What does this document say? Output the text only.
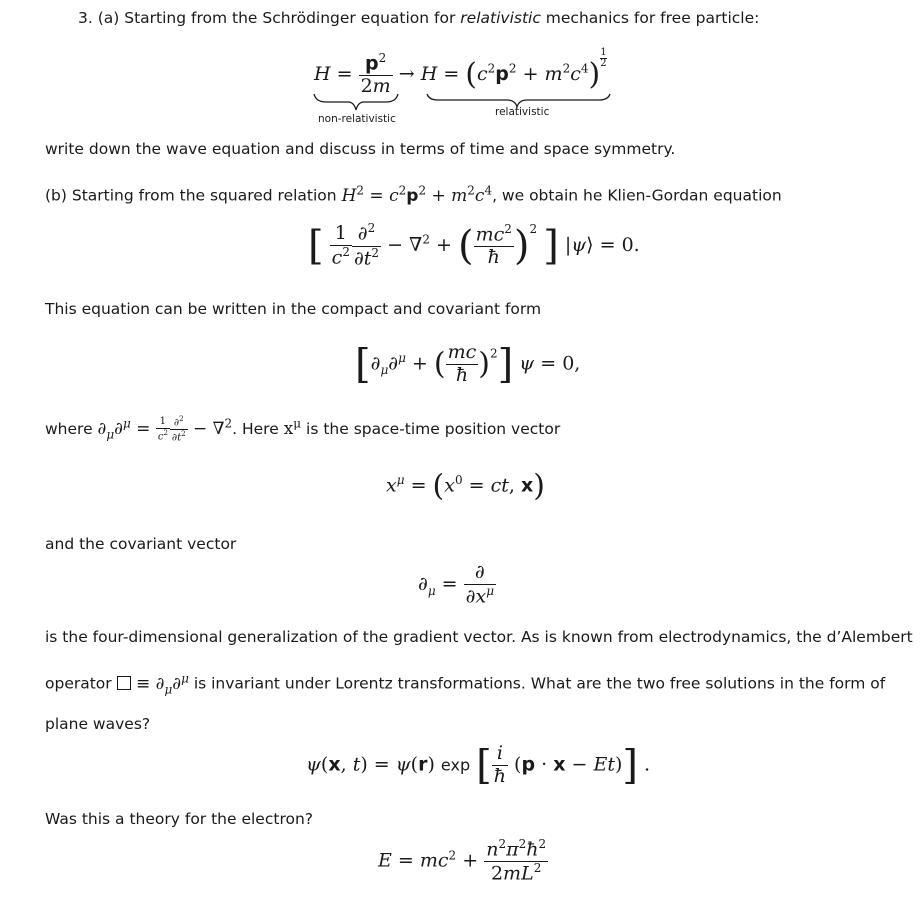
3. (a) Starting from the Schrödinger equation for relativistic mechanics for free particle:
$H = \frac{p^2}{2m} \to H = (c^2p^2 + m^2c^4) \frac{1}{2}$
non-relativistic
relativistic
write down the wave equation and discuss in terms of time and space symmetry.
(b) Starting from the squared relation $H^2 = c^2p^2 + m^2c^4$, we obtain he Klien-Gordan equation
[ $\frac{1}{c^2} \frac{\partial^2}{\partial t^2} - \nabla^2$ + ( $\frac{mc^2}{ħ} )^2$ ] |ψ⟩ = 0.
This equation can be written in the compact and covariant form
[$\partial_\mu\partial^\mu$ + ( $\frac{mc}{ħ} )^2$] ψ = 0,
where $\partial_\mu\partial^\mu = \frac{1}{c^2} \frac{\partial^2}{\partial t^2} - \nabla^2$. Here $x^\mu$ is the space-time position vector
$x^\mu = (x^0$ = ct, x)
and the covariant vector
$\partial_\mu = \frac{\partial}{\partial x^\mu}$
is the four-dimensional generalization of the gradient vector. As is known from electrodynamics, the d’Alembert
operator  ≡ $\partial_\mu\partial^\mu$ is invariant under Lorentz transformations. What are the two free solutions in the form of
plane waves?
ψ(x, t) = ψ(r) exp [ $\frac{i}{ħ} (p \cdot x - Et)$] .
Was this a theory for the electron?
$E = mc^2 + \frac{n^2\pi^2ħ^2}{2mL^2}$
